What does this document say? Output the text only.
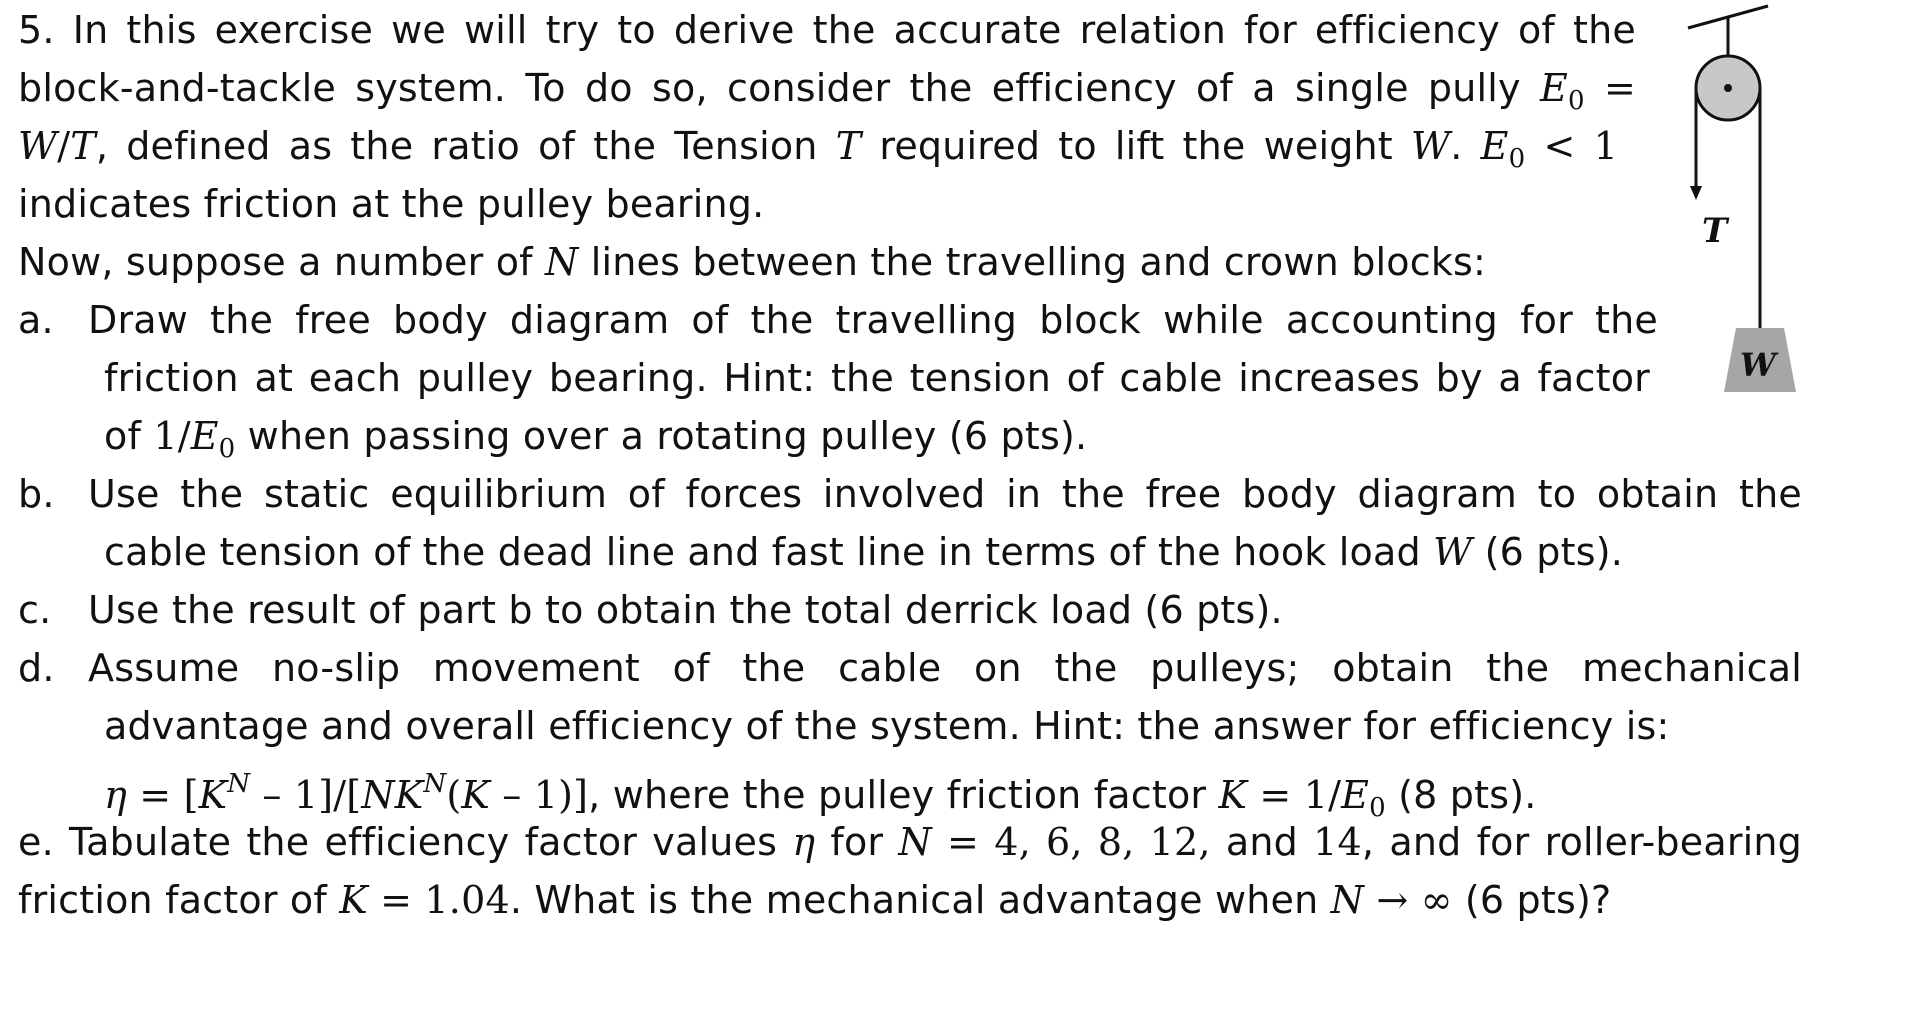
5. In this exercise we will try to derive the accurate relation for efficiency of the
block-and-tackle system. To do so, consider the efficiency of a single pully $E_0$ =
W/T, defined as the ratio of the Tension T required to lift the weight W. $E_0 < 1$
indicates friction at the pulley bearing.
Now, suppose a number of N lines between the travelling and crown blocks:
a. Draw the free body diagram of the travelling block while accounting for the
friction at each pulley bearing. Hint: the tension of cable increases by a factor
of $1/E_0$ when passing over a rotating pulley (6 pts).
b. Use the static equilibrium of forces involved in the free body diagram to obtain the
cable tension of the dead line and fast line in terms of the hook load W (6 pts).
c. Use the result of part b to obtain the total derrick load (6 pts).
d. Assume no-slip movement of the cable on the pulleys; obtain the mechanical
advantage and overall efficiency of the system. Hint: the answer for efficiency is:
$\eta = [K^N - 1]/[NK^N(K - 1)]$, where the pulley friction factor $K = 1/E_0$ (8 pts).
e. Tabulate the efficiency factor values η for N = 4, 6, 8, 12, and 14, and for roller-bearing
friction factor of K = 1.04. What is the mechanical advantage when N → ∞ (6 pts)?
T
W
